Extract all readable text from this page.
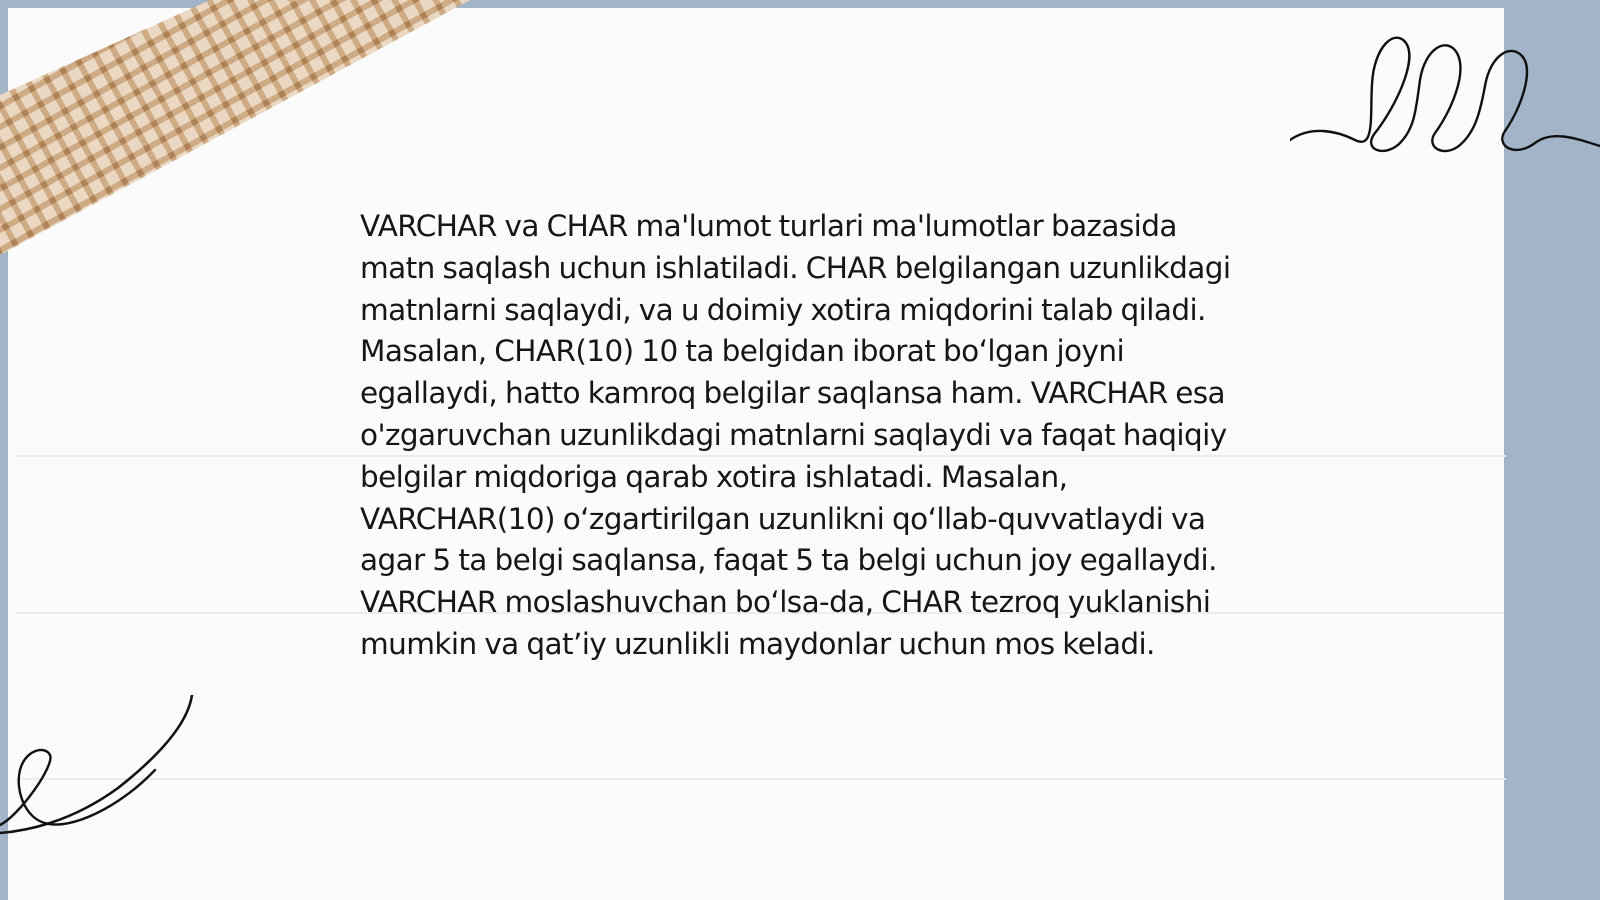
VARCHAR va CHAR ma'lumot turlari ma'lumotlar bazasida matn saqlash uchun ishlatiladi. CHAR belgilangan uzunlikdagi matnlarni saqlaydi, va u doimiy xotira miqdorini talab qiladi. Masalan, CHAR(10) 10 ta belgidan iborat bo‘lgan joyni egallaydi, hatto kamroq belgilar saqlansa ham. VARCHAR esa o'zgaruvchan uzunlikdagi matnlarni saqlaydi va faqat haqiqiy belgilar miqdoriga qarab xotira ishlatadi. Masalan, VARCHAR(10) o‘zgartirilgan uzunlikni qo‘llab-quvvatlaydi va agar 5 ta belgi saqlansa, faqat 5 ta belgi uchun joy egallaydi. VARCHAR moslashuvchan bo‘lsa-da, CHAR tezroq yuklanishi mumkin va qat’iy uzunlikli maydonlar uchun mos keladi.
